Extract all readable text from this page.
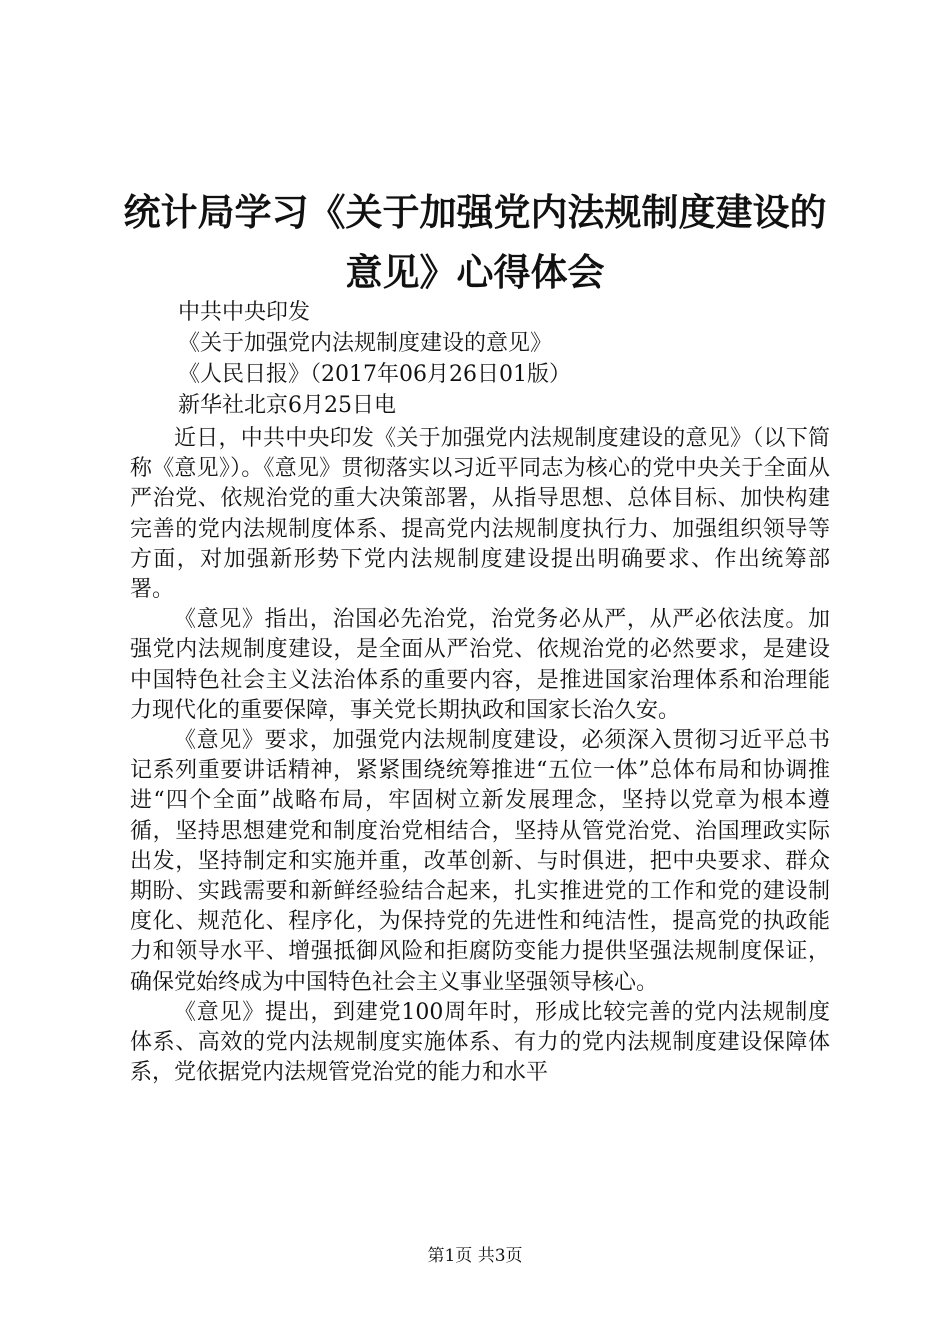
统计局学习《关于加强党内法规制度建设的意见》心得体会
中共中央印发
《关于加强党内法规制度建设的意见》
《人民日报》（2017年06月26日01版）
新华社北京6月25日电

近日，中共中央印发《关于加强党内法规制度建设的意见》（以下简称《意见》）。《意见》贯彻落实以习近平同志为核心的党中央关于全面从严治党、依规治党的重大决策部署，从指导思想、总体目标、加快构建完善的党内法规制度体系、提高党内法规制度执行力、加强组织领导等方面，对加强新形势下党内法规制度建设提出明确要求、作出统筹部署。

《意见》指出，治国必先治党，治党务必从严，从严必依法度。加强党内法规制度建设，是全面从严治党、依规治党的必然要求，是建设中国特色社会主义法治体系的重要内容，是推进国家治理体系和治理能力现代化的重要保障，事关党长期执政和国家长治久安。

《意见》要求，加强党内法规制度建设，必须深入贯彻习近平总书记系列重要讲话精神，紧紧围绕统筹推进“五位一体”总体布局和协调推进“四个全面”战略布局，牢固树立新发展理念，坚持以党章为根本遵循，坚持思想建党和制度治党相结合，坚持从管党治党、治国理政实际出发，坚持制定和实施并重，改革创新、与时俱进，把中央要求、群众期盼、实践需要和新鲜经验结合起来，扎实推进党的工作和党的建设制度化、规范化、程序化，为保持党的先进性和纯洁性，提高党的执政能力和领导水平、增强抵御风险和拒腐防变能力提供坚强法规制度保证，确保党始终成为中国特色社会主义事业坚强领导核心。

《意见》提出，到建党100周年时，形成比较完善的党内法规制度体系、高效的党内法规制度实施体系、有力的党内法规制度建设保障体系，党依据党内法规管党治党的能力和水平

第1页 共3页
